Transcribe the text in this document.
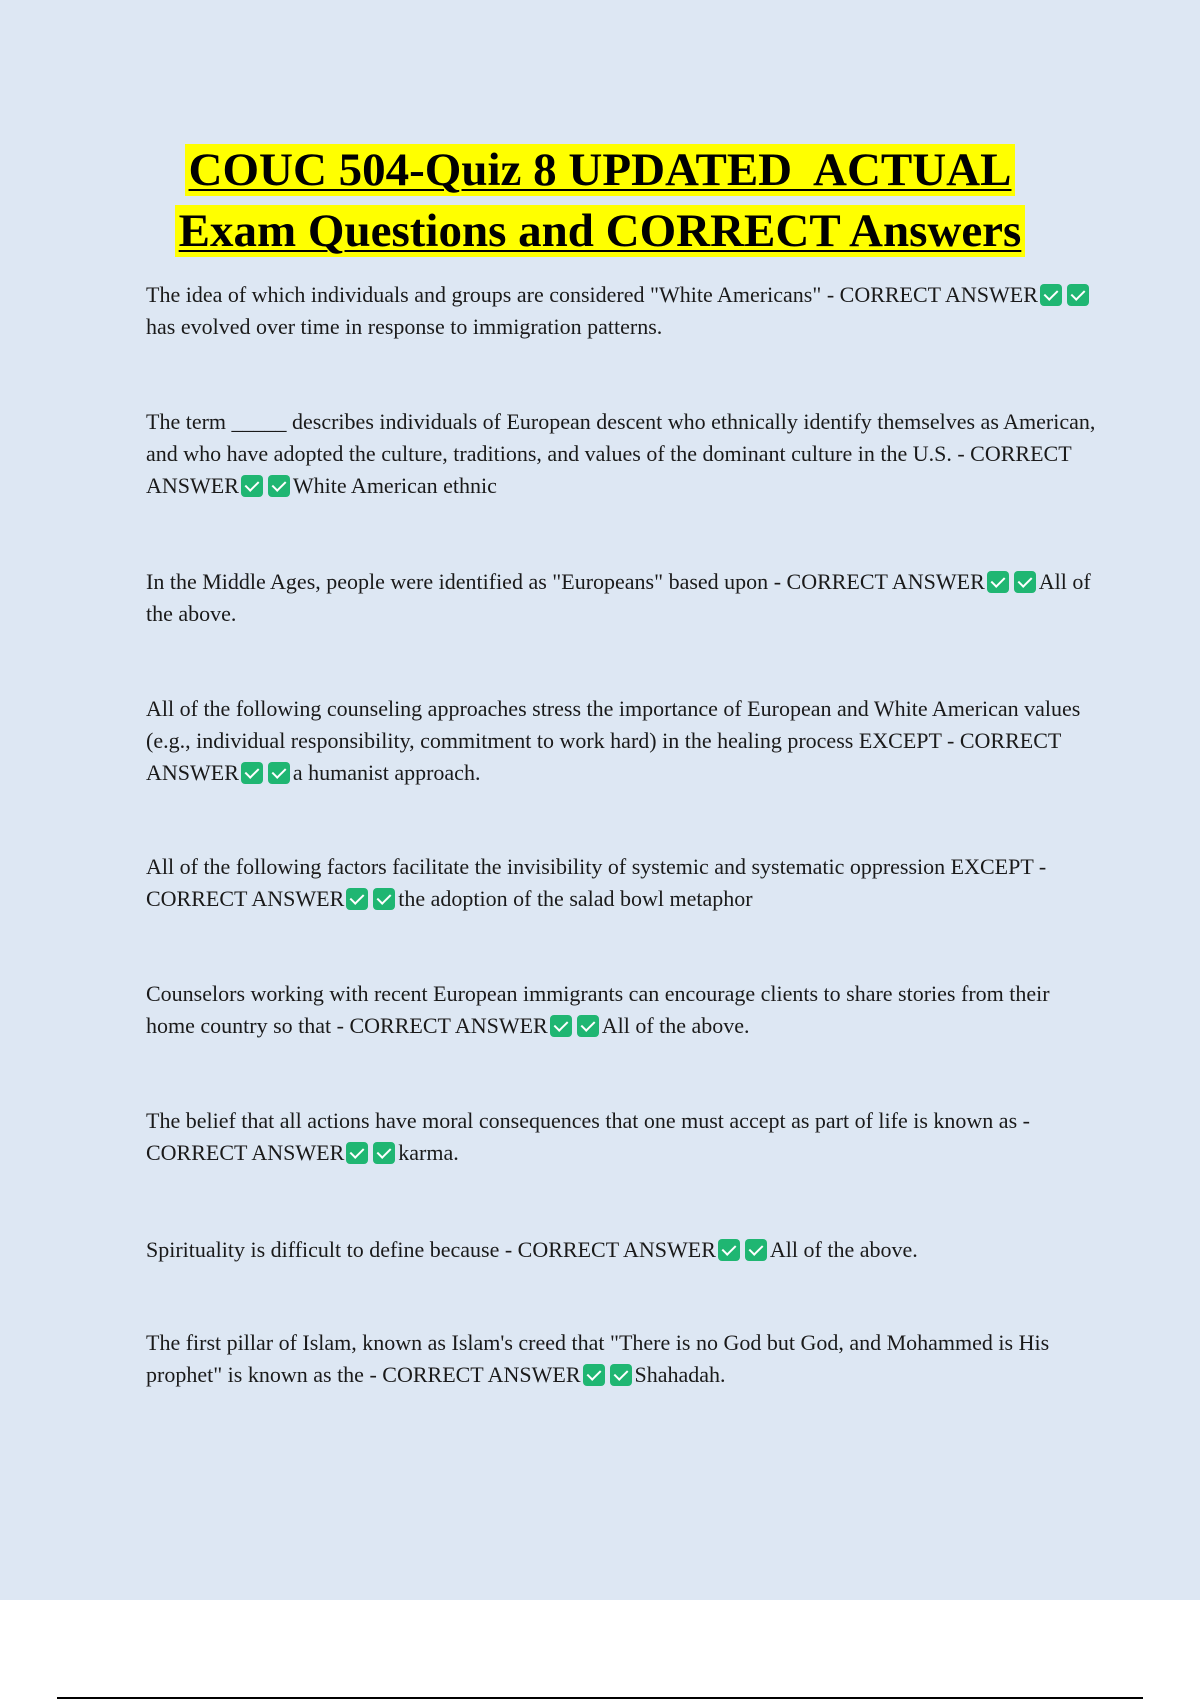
COUC 504-Quiz 8 UPDATED  ACTUAL
Exam Questions and CORRECT Answers
The idea of which individuals and groups are considered "White Americans" - CORRECT ANSWERhas evolved over time in response to immigration patterns.
The term _____ describes individuals of European descent who ethnically identify themselves as American, and who have adopted the culture, traditions, and values of the dominant culture in the U.S. - CORRECT ANSWER White American ethnic
In the Middle Ages, people were identified as "Europeans" based upon - CORRECT ANSWER All of the above.
All of the following counseling approaches stress the importance of European and White American values (e.g., individual responsibility, commitment to work hard) in the healing process EXCEPT - CORRECT ANSWER a humanist approach.
All of the following factors facilitate the invisibility of systemic and systematic oppression EXCEPT - CORRECT ANSWER the adoption of the salad bowl metaphor
Counselors working with recent European immigrants can encourage clients to share stories from their home country so that - CORRECT ANSWER All of the above.
The belief that all actions have moral consequences that one must accept as part of life is known as - CORRECT ANSWER karma.
Spirituality is difficult to define because - CORRECT ANSWER All of the above.
The first pillar of Islam, known as Islam's creed that "There is no God but God, and Mohammed is His prophet" is known as the - CORRECT ANSWER Shahadah.
